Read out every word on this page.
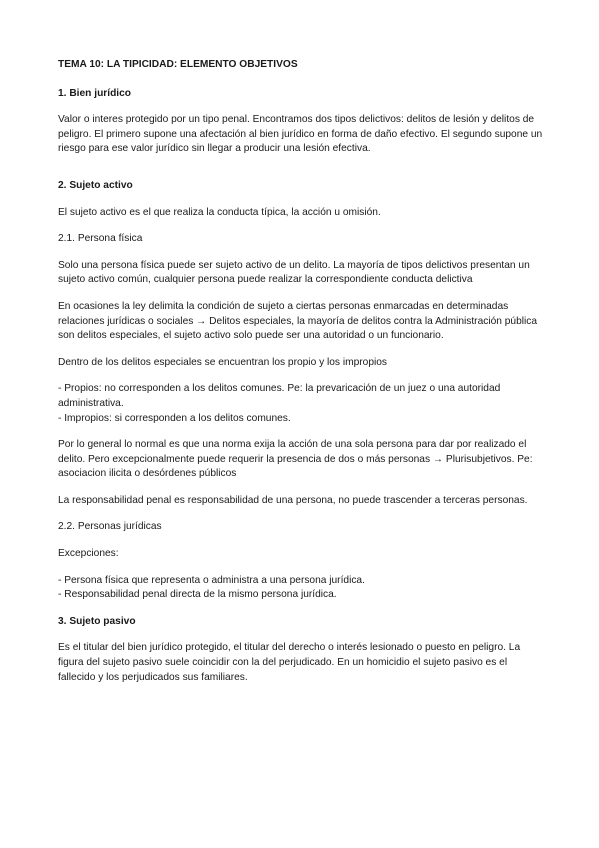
TEMA 10: LA TIPICIDAD: ELEMENTO OBJETIVOS
1. Bien jurídico

Valor o interes protegido por un tipo penal. Encontramos dos tipos delictivos: delitos de lesión y delitos de peligro. El primero supone una afectación al bien jurídico en forma de daño efectivo. El segundo supone un riesgo para ese valor jurídico sin llegar a producir una lesión efectiva.

2. Sujeto activo

El sujeto activo es el que realiza la conducta típica, la acción u omisión.

2.1. Persona física

Solo una persona física puede ser sujeto activo de un delito. La mayoría de tipos delictivos presentan un sujeto activo común, cualquier persona puede realizar la correspondiente conducta delictiva

En ocasiones la ley delimita la condición de sujeto a ciertas personas enmarcadas en determinadas relaciones jurídicas o sociales → Delitos especiales, la mayoría de delitos contra la Administración pública son delitos especiales, el sujeto activo solo puede ser una autoridad o un funcionario.

Dentro de los delitos especiales se encuentran los propio y los impropios

- Propios: no corresponden a los delitos comunes. Pe: la prevaricación de un juez o una autoridad administrativa.
- Impropios: si corresponden a los delitos comunes.

Por lo general lo normal es que una norma exija la acción de una sola persona para dar por realizado el delito. Pero excepcionalmente puede requerir la presencia de dos o más personas → Plurisubjetivos. Pe: asociacion ilicita o desórdenes públicos

La responsabilidad penal es responsabilidad de una persona, no puede trascender a terceras personas.

2.2. Personas jurídicas

Excepciones:

- Persona física que representa o administra a una persona jurídica.
- Responsabilidad penal directa de la mismo persona jurídica.
3. Sujeto pasivo

Es el titular del bien jurídico protegido, el titular del derecho o interés lesionado o puesto en peligro. La figura del sujeto pasivo suele coincidir con la del perjudicado. En un homicidio el sujeto pasivo es el fallecido y los perjudicados sus familiares.
